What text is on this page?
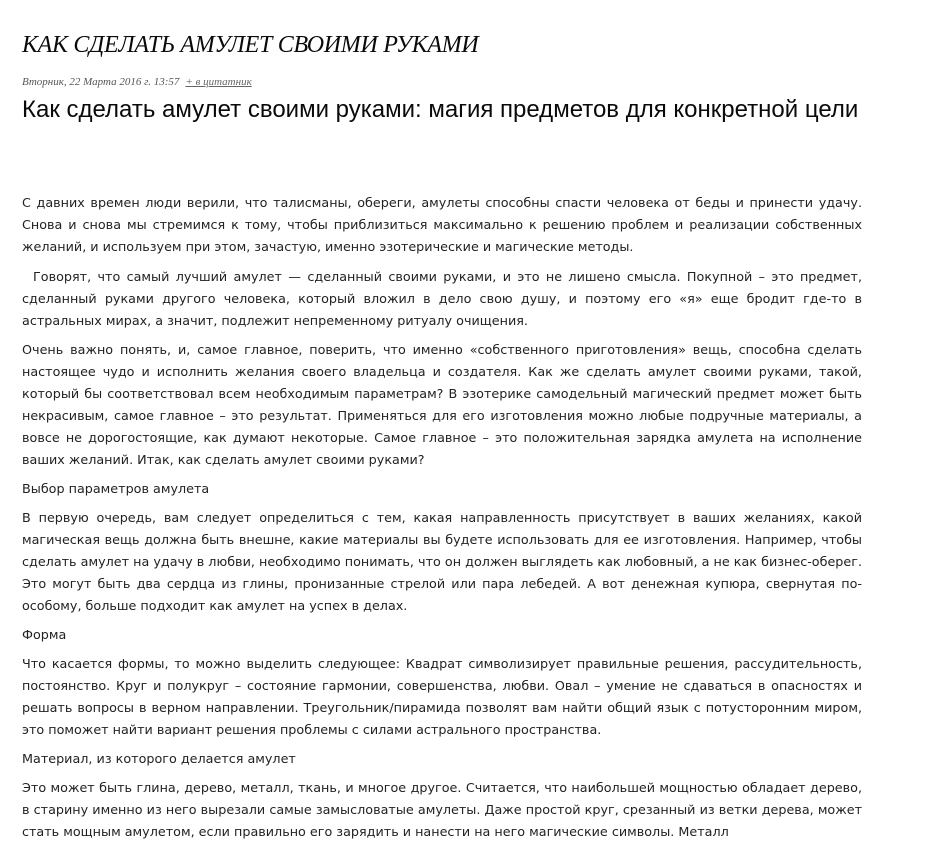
КАК СДЕЛАТЬ АМУЛЕТ СВОИМИ РУКАМИ
Вторник, 22 Марта 2016 г. 13:57 + в цитатник
Как сделать амулет своими руками: магия предметов для конкретной цели

С давних времен люди верили, что талисманы, обереги, амулеты способны спасти человека от беды и принести удачу. Снова и снова мы стремимся к тому, чтобы приблизиться максимально к решению проблем и реализации собственных желаний, и используем при этом, зачастую, именно эзотерические и магические методы.

Говорят, что самый лучший амулет — сделанный своими руками, и это не лишено смысла. Покупной – это предмет, сделанный руками другого человека, который вложил в дело свою душу, и поэтому его «я» еще бродит где-то в астральных мирах, а значит, подлежит непременному ритуалу очищения.

Очень важно понять, и, самое главное, поверить, что именно «собственного приготовления» вещь, способна сделать настоящее чудо и исполнить желания своего владельца и создателя. Как же сделать амулет своими руками, такой, который бы соответствовал всем необходимым параметрам? В эзотерике самодельный магический предмет может быть некрасивым, самое главное – это результат. Применяться для его изготовления можно любые подручные материалы, а вовсе не дорогостоящие, как думают некоторые. Самое главное – это положительная зарядка амулета на исполнение ваших желаний. Итак, как сделать амулет своими руками?

Выбор параметров амулета

В первую очередь, вам следует определиться с тем, какая направленность присутствует в ваших желаниях, какой магическая вещь должна быть внешне, какие материалы вы будете использовать для ее изготовления. Например, чтобы сделать амулет на удачу в любви, необходимо понимать, что он должен выглядеть как любовный, а не как бизнес-оберег. Это могут быть два сердца из глины, пронизанные стрелой или пара лебедей. А вот денежная купюра, свернутая по-особому, больше подходит как амулет на успех в делах.

Форма

Что касается формы, то можно выделить следующее: Квадрат символизирует правильные решения, рассудительность, постоянство. Круг и полукруг – состояние гармонии, совершенства, любви. Овал – умение не сдаваться в опасностях и решать вопросы в верном направлении. Треугольник/пирамида позволят вам найти общий язык с потусторонним миром, это поможет найти вариант решения проблемы с силами астрального пространства.

Материал, из которого делается амулет

Это может быть глина, дерево, металл, ткань, и многое другое. Считается, что наибольшей мощностью обладает дерево, в старину именно из него вырезали самые замысловатые амулеты. Даже простой круг, срезанный из ветки дерева, может стать мощным амулетом, если правильно его зарядить и нанести на него магические символы. Металл
